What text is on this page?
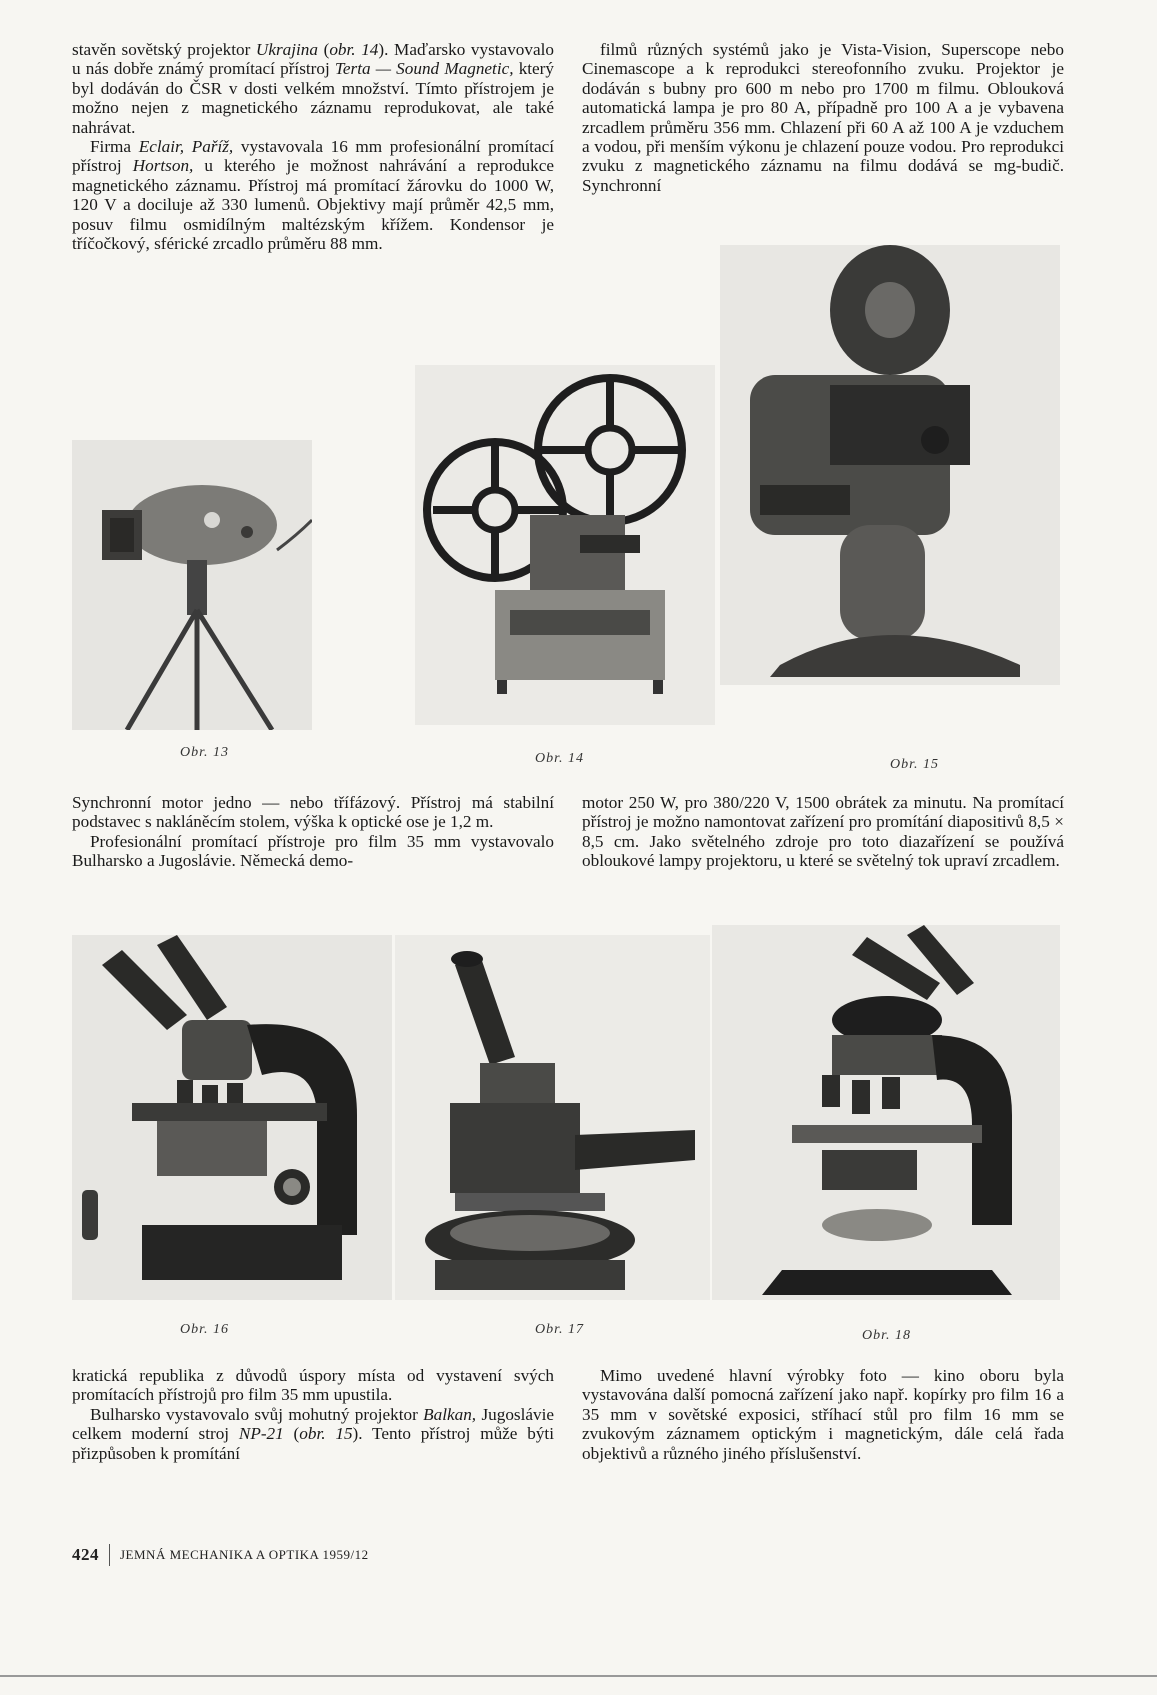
stavěn sovětský projektor Ukrajina (obr. 14). Maďarsko vystavovalo u nás dobře známý promítací přístroj Terta — Sound Magnetic, který byl dodáván do ČSR v dosti velkém množství. Tímto přístrojem je možno nejen z magnetického záznamu reprodukovat, ale také nahrávat.

Firma Eclair, Paříž, vystavovala 16 mm profesionální promítací přístroj Hortson, u kterého je možnost nahrávání a reprodukce magnetického záznamu. Přístroj má promítací žárovku do 1000 W, 120 V a dociluje až 330 lumenů. Objektivy mají průměr 42,5 mm, posuv filmu osmidílným maltézským křížem. Kondensor je tříčočkový, sférické zrcadlo průměru 88 mm.

filmů různých systémů jako je Vista-Vision, Superscope nebo Cinemascope a k reprodukci stereofonního zvuku. Projektor je dodáván s bubny pro 600 m nebo pro 1700 m filmu. Oblouková automatická lampa je pro 80 A, případně pro 100 A a je vybavena zrcadlem průměru 356 mm. Chlazení při 60 A až 100 A je vzduchem a vodou, při menším výkonu je chlazení pouze vodou. Pro reprodukci zvuku z magnetického záznamu na filmu dodává se mg-budič. Synchronní

Obr. 13	Obr. 14	Obr. 15

Synchronní motor jedno — nebo třífázový. Přístroj má stabilní podstavec s nakláněcím stolem, výška k optické ose je 1,2 m.

Profesionální promítací přístroje pro film 35 mm vystavovalo Bulharsko a Jugoslávie. Německá demo-

motor 250 W, pro 380/220 V, 1500 obrátek za minutu. Na promítací přístroj je možno namontovat zařízení pro promítání diapositivů 8,5 × 8,5 cm. Jako světelného zdroje pro toto diazařízení se používá obloukové lampy projektoru, u které se světelný tok upraví zrcadlem.

Obr. 16	Obr. 17	Obr. 18

kratická republika z důvodů úspory místa od vystavení svých promítacích přístrojů pro film 35 mm upustila.

Bulharsko vystavovalo svůj mohutný projektor Balkan, Jugoslávie celkem moderní stroj NP-21 (obr. 15). Tento přístroj může býti přizpůsoben k promítání

Mimo uvedené hlavní výrobky foto — kino oboru byla vystavována další pomocná zařízení jako např. kopírky pro film 16 a 35 mm v sovětské exposici, stříhací stůl pro film 16 mm se zvukovým záznamem optickým i magnetickým, dále celá řada objektivů a různého jiného příslušenství.

424 JEMNÁ MECHANIKA A OPTIKA 1959/12
